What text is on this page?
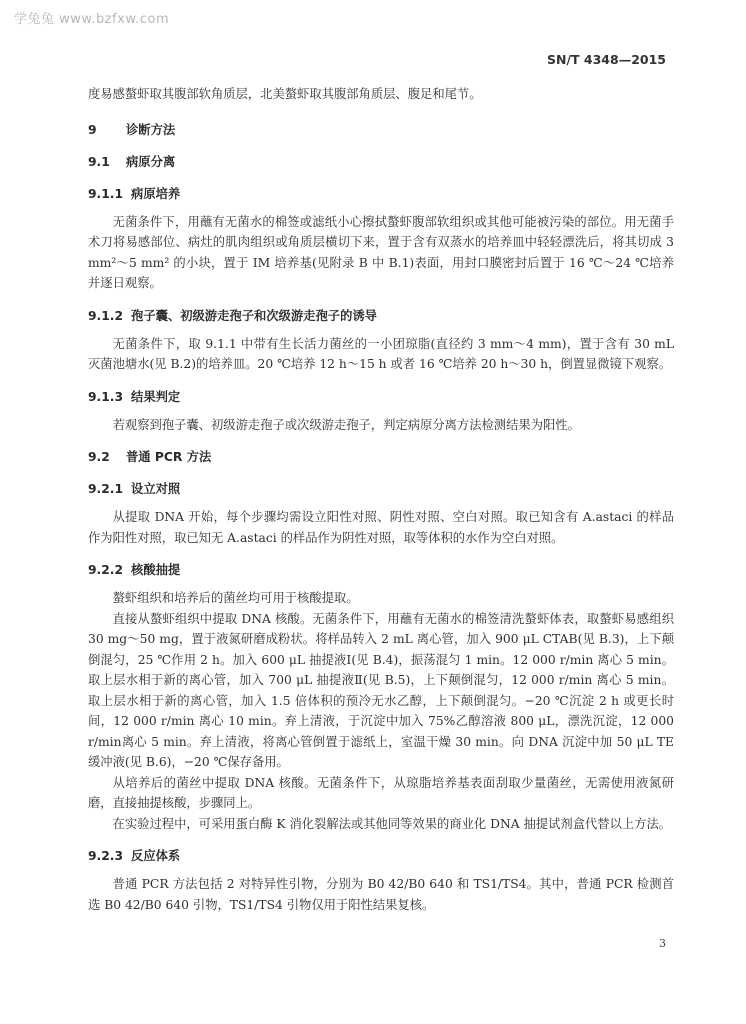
学兔兔 www.bzfxw.com
SN/T 4348—2015

度易感螯虾取其腹部软角质层，北美螯虾取其腹部角质层、腹足和尾节。

9 诊断方法

9.1 病原分离

9.1.1 病原培养

无菌条件下，用蘸有无菌水的棉签或滤纸小心擦拭螯虾腹部软组织或其他可能被污染的部位。用无菌手术刀将易感部位、病灶的肌肉组织或角质层横切下来，置于含有双蒸水的培养皿中轻轻漂洗后，将其切成 3 mm²～5 mm² 的小块，置于 IM 培养基(见附录 B 中 B.1)表面，用封口膜密封后置于 16 ℃～24 ℃培养并逐日观察。

9.1.2 孢子囊、初级游走孢子和次级游走孢子的诱导

无菌条件下，取 9.1.1 中带有生长活力菌丝的一小团琼脂(直径约 3 mm～4 mm)，置于含有 30 mL 灭菌池塘水(见 B.2)的培养皿。20 ℃培养 12 h～15 h 或者 16 ℃培养 20 h～30 h，倒置显微镜下观察。

9.1.3 结果判定

若观察到孢子囊、初级游走孢子或次级游走孢子，判定病原分离方法检测结果为阳性。

9.2 普通 PCR 方法

9.2.1 设立对照

从提取 DNA 开始，每个步骤均需设立阳性对照、阴性对照、空白对照。取已知含有 A.astaci 的样品作为阳性对照，取已知无 A.astaci 的样品作为阴性对照，取等体积的水作为空白对照。

9.2.2 核酸抽提

螯虾组织和培养后的菌丝均可用于核酸提取。

直接从螯虾组织中提取 DNA 核酸。无菌条件下，用蘸有无菌水的棉签清洗螯虾体表，取螯虾易感组织 30 mg～50 mg，置于液氮研磨成粉状。将样品转入 2 mL 离心管，加入 900 μL CTAB(见 B.3)，上下颠倒混匀，25 ℃作用 2 h。加入 600 μL 抽提液Ⅰ(见 B.4)，振荡混匀 1 min。12 000 r/min 离心 5 min。取上层水相于新的离心管，加入 700 μL 抽提液Ⅱ(见 B.5)，上下颠倒混匀，12 000 r/min 离心 5 min。取上层水相于新的离心管，加入 1.5 倍体积的预冷无水乙醇，上下颠倒混匀。−20 ℃沉淀 2 h 或更长时间，12 000 r/min 离心 10 min。弃上清液，于沉淀中加入 75%乙醇溶液 800 μL，漂洗沉淀，12 000 r/min离心 5 min。弃上清液，将离心管倒置于滤纸上，室温干燥 30 min。向 DNA 沉淀中加 50 μL TE 缓冲液(见 B.6)，−20 ℃保存备用。

从培养后的菌丝中提取 DNA 核酸。无菌条件下，从琼脂培养基表面刮取少量菌丝，无需使用液氮研磨，直接抽提核酸，步骤同上。

在实验过程中，可采用蛋白酶 K 消化裂解法或其他同等效果的商业化 DNA 抽提试剂盒代替以上方法。

9.2.3 反应体系

普通 PCR 方法包括 2 对特异性引物，分别为 B0 42/B0 640 和 TS1/TS4。其中，普通 PCR 检测首选 B0 42/B0 640 引物，TS1/TS4 引物仅用于阳性结果复核。

3
